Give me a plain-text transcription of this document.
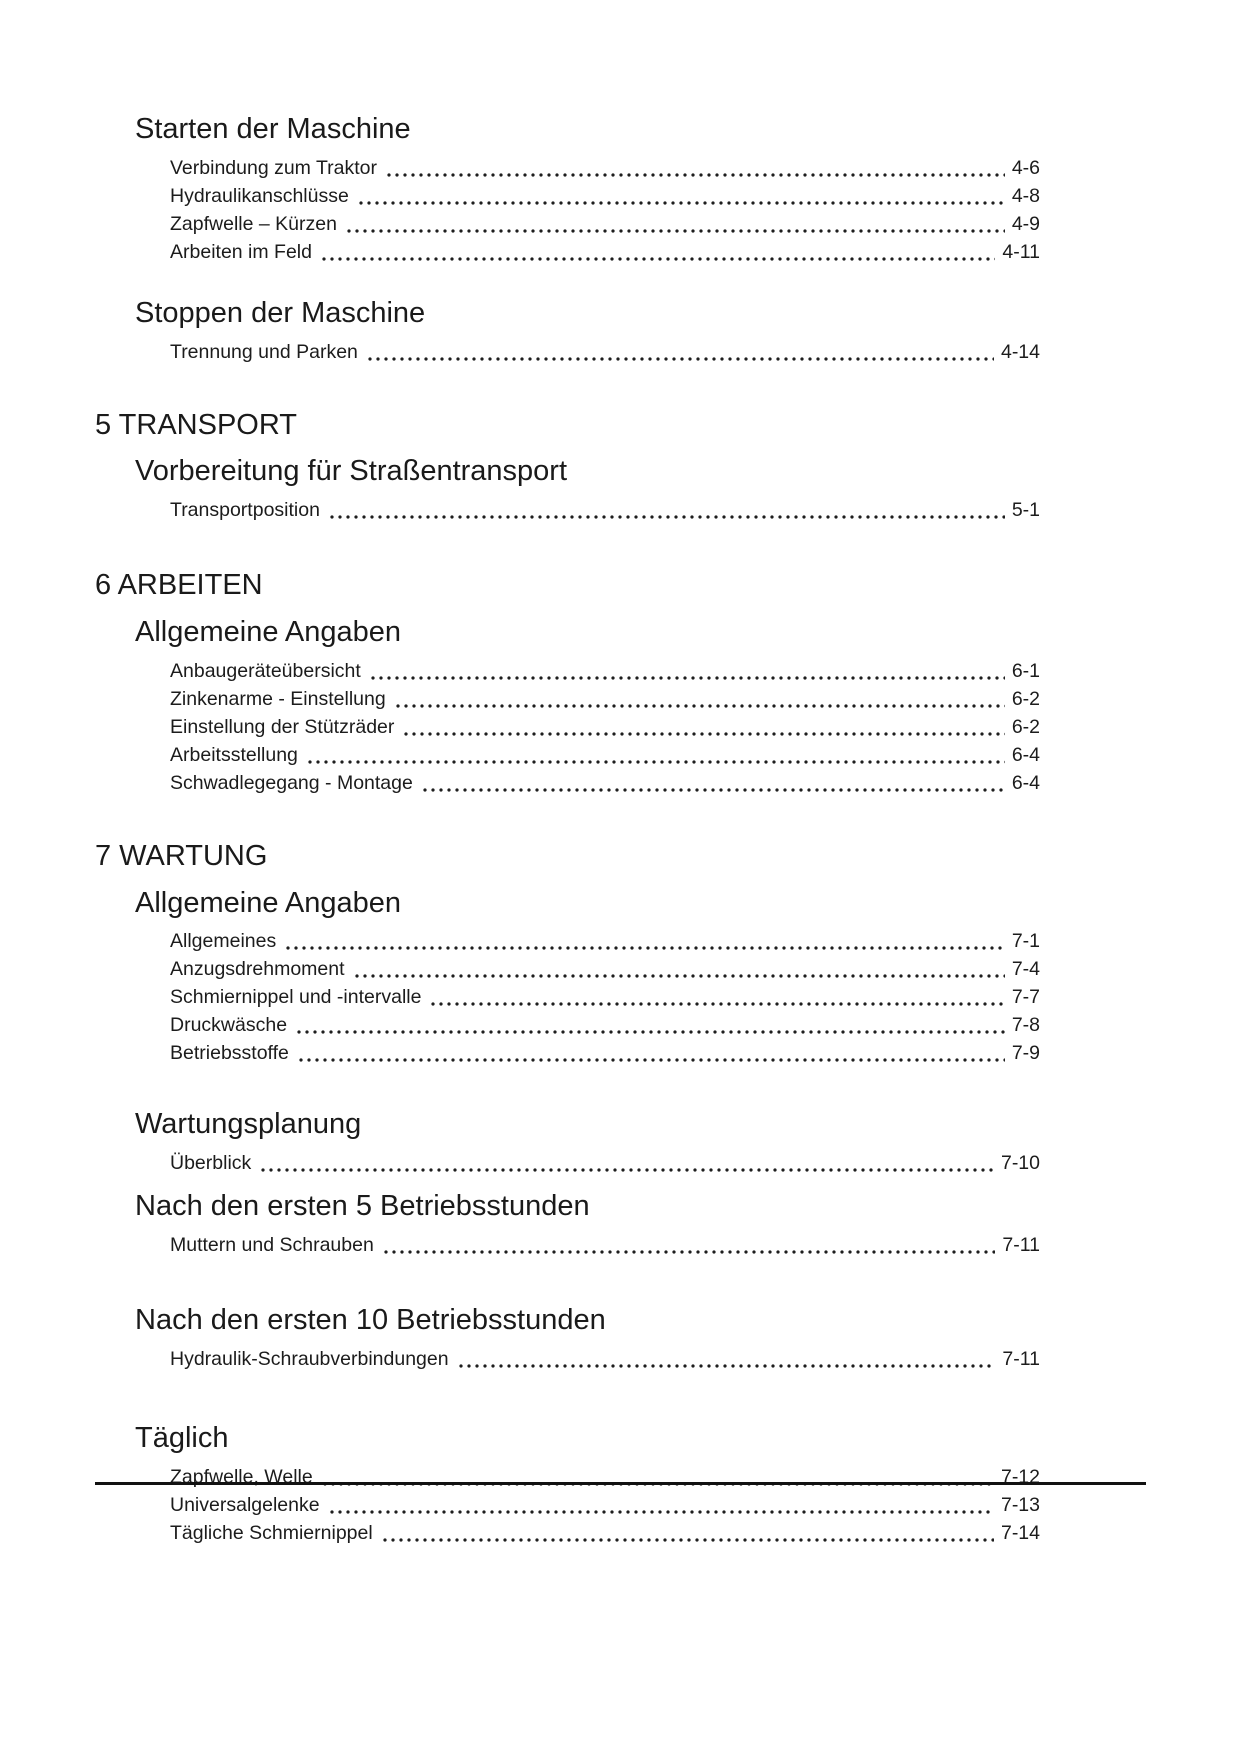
Starten der Maschine
Verbindung zum Traktor	4-6
Hydraulikanschlüsse	4-8
Zapfwelle – Kürzen	4-9
Arbeiten im Feld	4-11
Stoppen der Maschine
Trennung und Parken	4-14
5 TRANSPORT
Vorbereitung für Straßentransport
Transportposition	5-1
6 ARBEITEN
Allgemeine Angaben
Anbaugeräteübersicht	6-1
Zinkenarme - Einstellung	6-2
Einstellung der Stützräder	6-2
Arbeitsstellung	6-4
Schwadlegegang - Montage	6-4
7 WARTUNG
Allgemeine Angaben
Allgemeines	7-1
Anzugsdrehmoment	7-4
Schmiernippel und -intervalle	7-7
Druckwäsche	7-8
Betriebsstoffe	7-9
Wartungsplanung
Überblick	7-10
Nach den ersten 5 Betriebsstunden
Muttern und Schrauben	7-11
Nach den ersten 10 Betriebsstunden
Hydraulik-Schraubverbindungen	7-11
Täglich
Zapfwelle, Welle	7-12
Universalgelenke	7-13
Tägliche Schmiernippel	7-14
